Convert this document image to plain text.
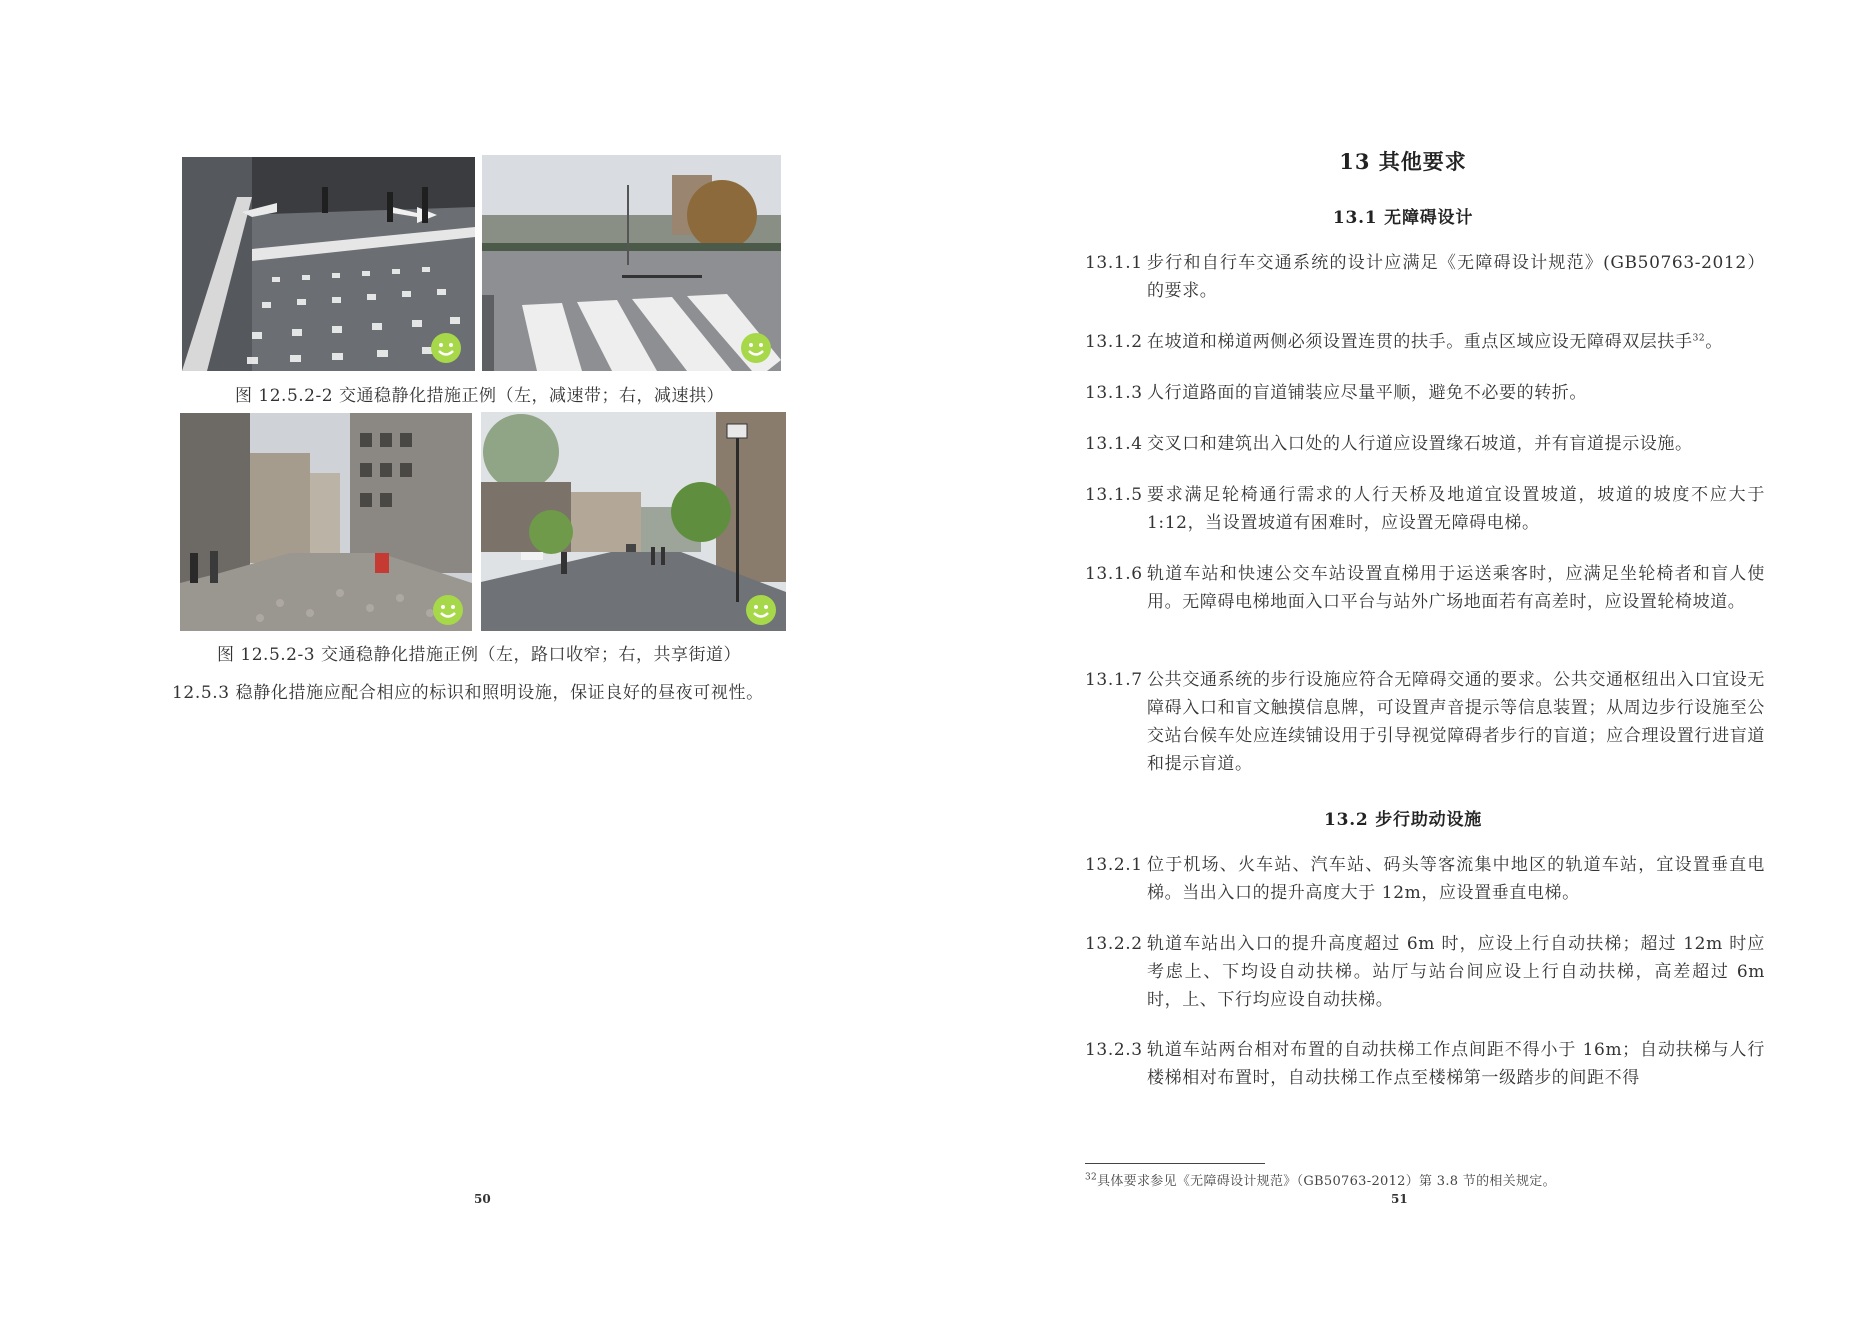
图 12.5.2-2 交通稳静化措施正例（左，减速带；右，减速拱）
图 12.5.2-3 交通稳静化措施正例（左，路口收窄；右，共享街道）
12.5.3 稳静化措施应配合相应的标识和照明设施，保证良好的昼夜可视性。
50
13 其他要求
13.1 无障碍设计
13.1.1 步行和自行车交通系统的设计应满足《无障碍设计规范》(GB50763-2012）的要求。
13.1.2 在坡道和梯道两侧必须设置连贯的扶手。重点区域应设无障碍双层扶手$^{32}$。
13.1.3 人行道路面的盲道铺装应尽量平顺，避免不必要的转折。
13.1.4 交叉口和建筑出入口处的人行道应设置缘石坡道，并有盲道提示设施。
13.1.5 要求满足轮椅通行需求的人行天桥及地道宜设置坡道，坡道的坡度不应大于 1:12，当设置坡道有困难时，应设置无障碍电梯。
13.1.6 轨道车站和快速公交车站设置直梯用于运送乘客时，应满足坐轮椅者和盲人使用。无障碍电梯地面入口平台与站外广场地面若有高差时，应设置轮椅坡道。
13.1.7 公共交通系统的步行设施应符合无障碍交通的要求。公共交通枢纽出入口宜设无障碍入口和盲文触摸信息牌，可设置声音提示等信息装置；从周边步行设施至公交站台候车处应连续铺设用于引导视觉障碍者步行的盲道；应合理设置行进盲道和提示盲道。
13.2 步行助动设施
13.2.1 位于机场、火车站、汽车站、码头等客流集中地区的轨道车站，宜设置垂直电梯。当出入口的提升高度大于 12m，应设置垂直电梯。
13.2.2 轨道车站出入口的提升高度超过 6m 时，应设上行自动扶梯；超过 12m 时应考虑上、下均设自动扶梯。站厅与站台间应设上行自动扶梯，高差超过 6m 时，上、下行均应设自动扶梯。
13.2.3 轨道车站两台相对布置的自动扶梯工作点间距不得小于 16m；自动扶梯与人行楼梯相对布置时，自动扶梯工作点至楼梯第一级踏步的间距不得
$^{32}$具体要求参见《无障碍设计规范》（GB50763-2012）第 3.8 节的相关规定。
51
